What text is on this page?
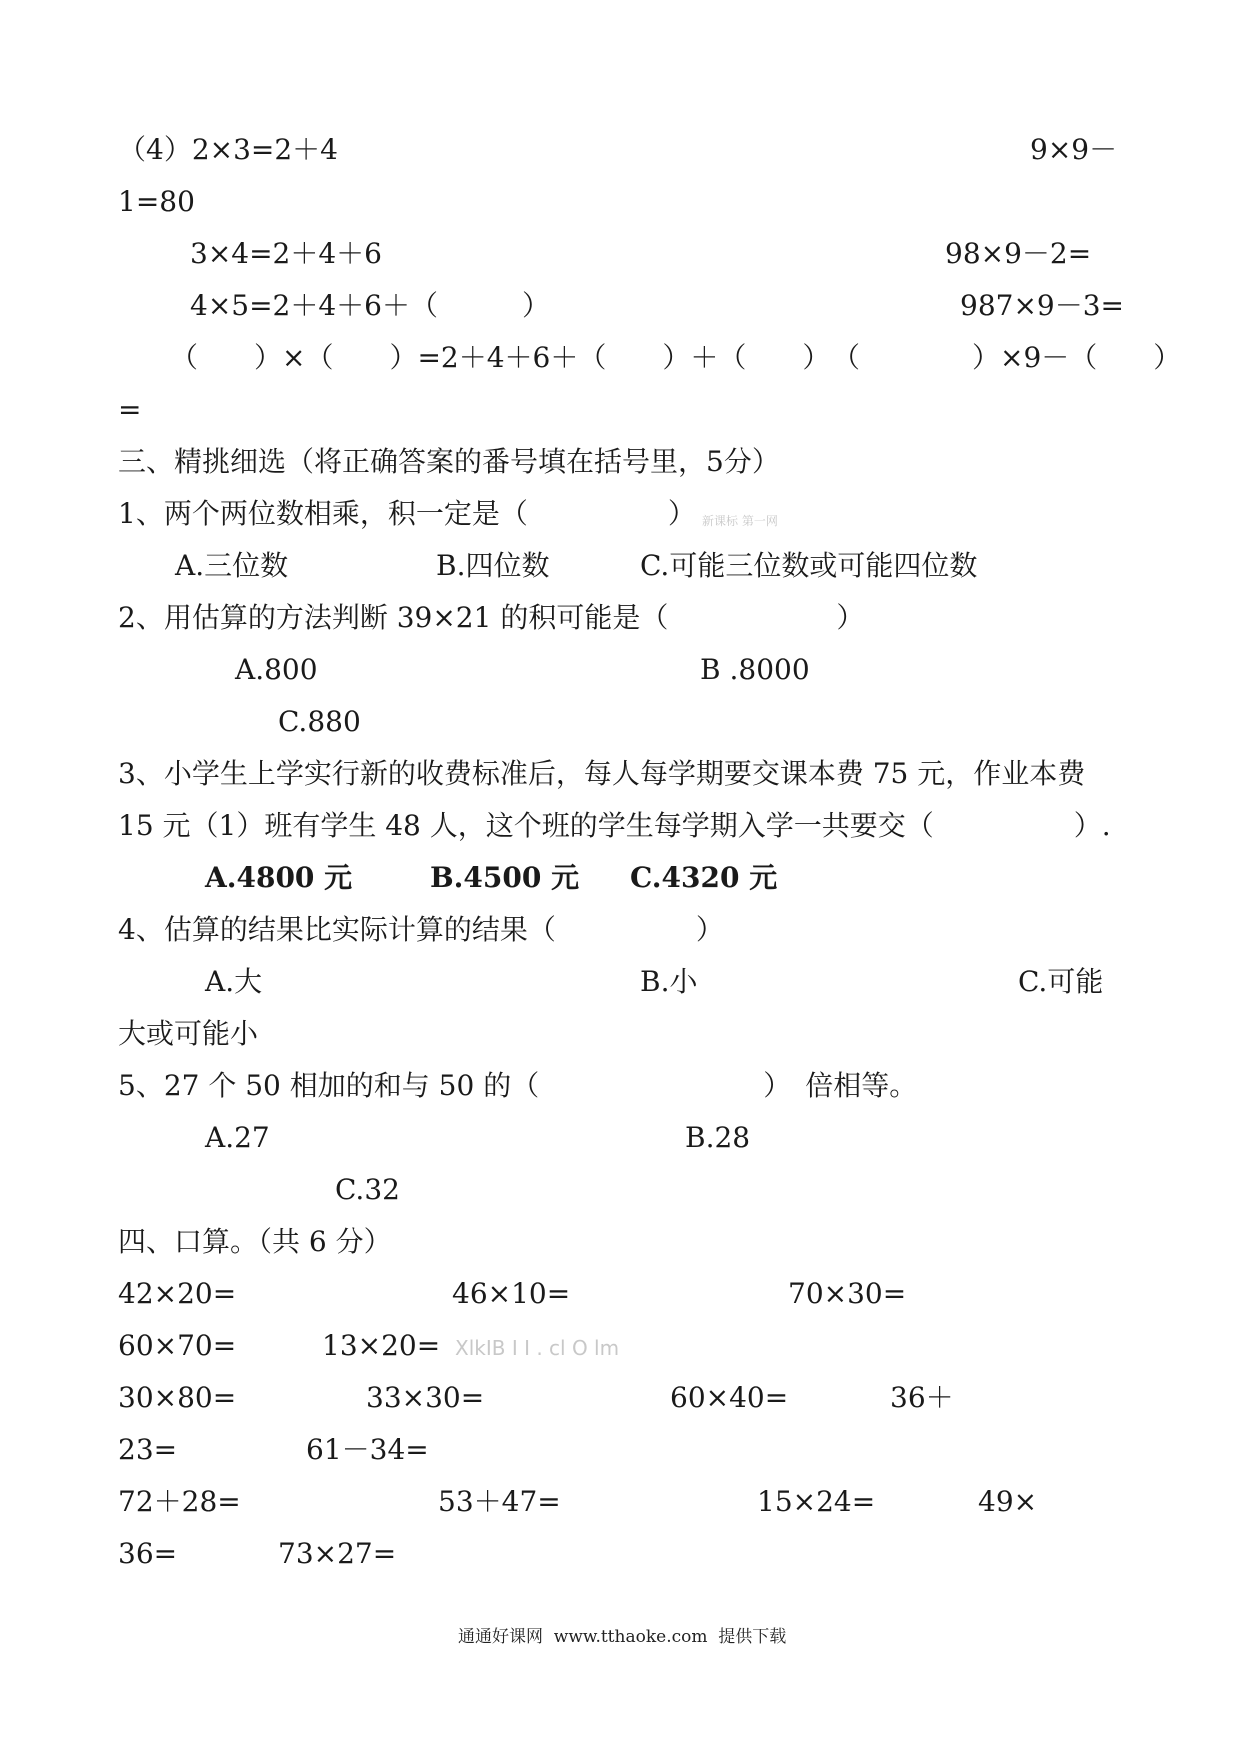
（4）2×3=2＋4	9×9－
1=80
3×4=2＋4＋6	98×9－2=
4×5=2＋4＋6＋（　　　）	987×9－3=
（　　）×（　　）=2＋4＋6＋（　　）＋（　　） （　　　　）×9－（　　）
=
三、精挑细选（将正确答案的番号填在括号里，5分）
1、两个两位数相乘，积一定是（　　　　　） 新课标 第一网
A.三位数	B.四位数	C.可能三位数或可能四位数
2、用估算的方法判断 39×21 的积可能是（　　　　　　）
A.800	B .8000
C.880
3、小学生上学实行新的收费标准后，每人每学期要交课本费 75 元，作业本费
15 元（1）班有学生 48 人，这个班的学生每学期入学一共要交（　　　　　）.
A.4800 元	B.4500 元 C.4320 元
4、估算的结果比实际计算的结果（　　　　　）
A.大	B.小	C.可能
大或可能小
5、27 个 50 相加的和与 50 的（　　　　　　　　）　倍相等。
A.27	B.28
C.32
四、口算。（共 6 分）
42×20=	46×10=	70×30=
60×70=	13×20= XlkIB I I . cl O lm
30×80=	33×30=	60×40=	36＋
23=	61－34=
72＋28=	53＋47=	15×24=	49×
36=	73×27=
通通好课网  www.tthaoke.com  提供下载
